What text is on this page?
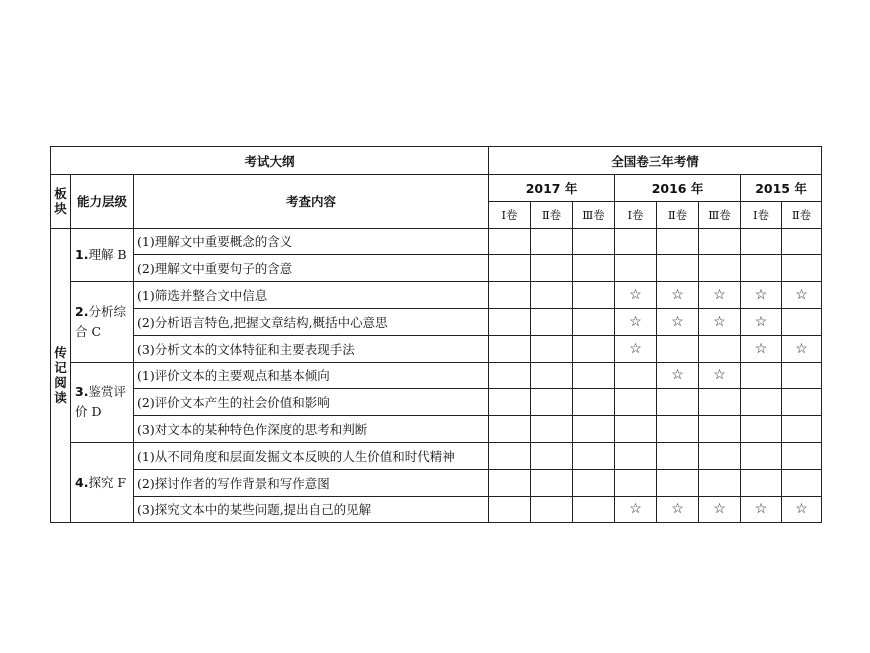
考试大纲			全国卷三年考情							
板块	能力层级	考查内容	2017 年			2016 年			2015 年	
			Ⅰ卷	Ⅱ卷	Ⅲ卷	Ⅰ卷	Ⅱ卷	Ⅲ卷	Ⅰ卷	Ⅱ卷
传记阅读	1.理解 B	(1)理解文中重要概念的含义								
		(2)理解文中重要句子的含意								
	2.分析综合 C	(1)筛选并整合文中信息				☆	☆	☆	☆	☆
		(2)分析语言特色,把握文章结构,概括中心意思				☆	☆	☆	☆	
		(3)分析文本的文体特征和主要表现手法				☆			☆	☆
	3.鉴赏评价 D	(1)评价文本的主要观点和基本倾向					☆	☆		
		(2)评价文本产生的社会价值和影响								
		(3)对文本的某种特色作深度的思考和判断								
	4.探究 F	(1)从不同角度和层面发掘文本反映的人生价值和时代精神								
		(2)探讨作者的写作背景和写作意图								
		(3)探究文本中的某些问题,提出自己的见解				☆	☆	☆	☆	☆
